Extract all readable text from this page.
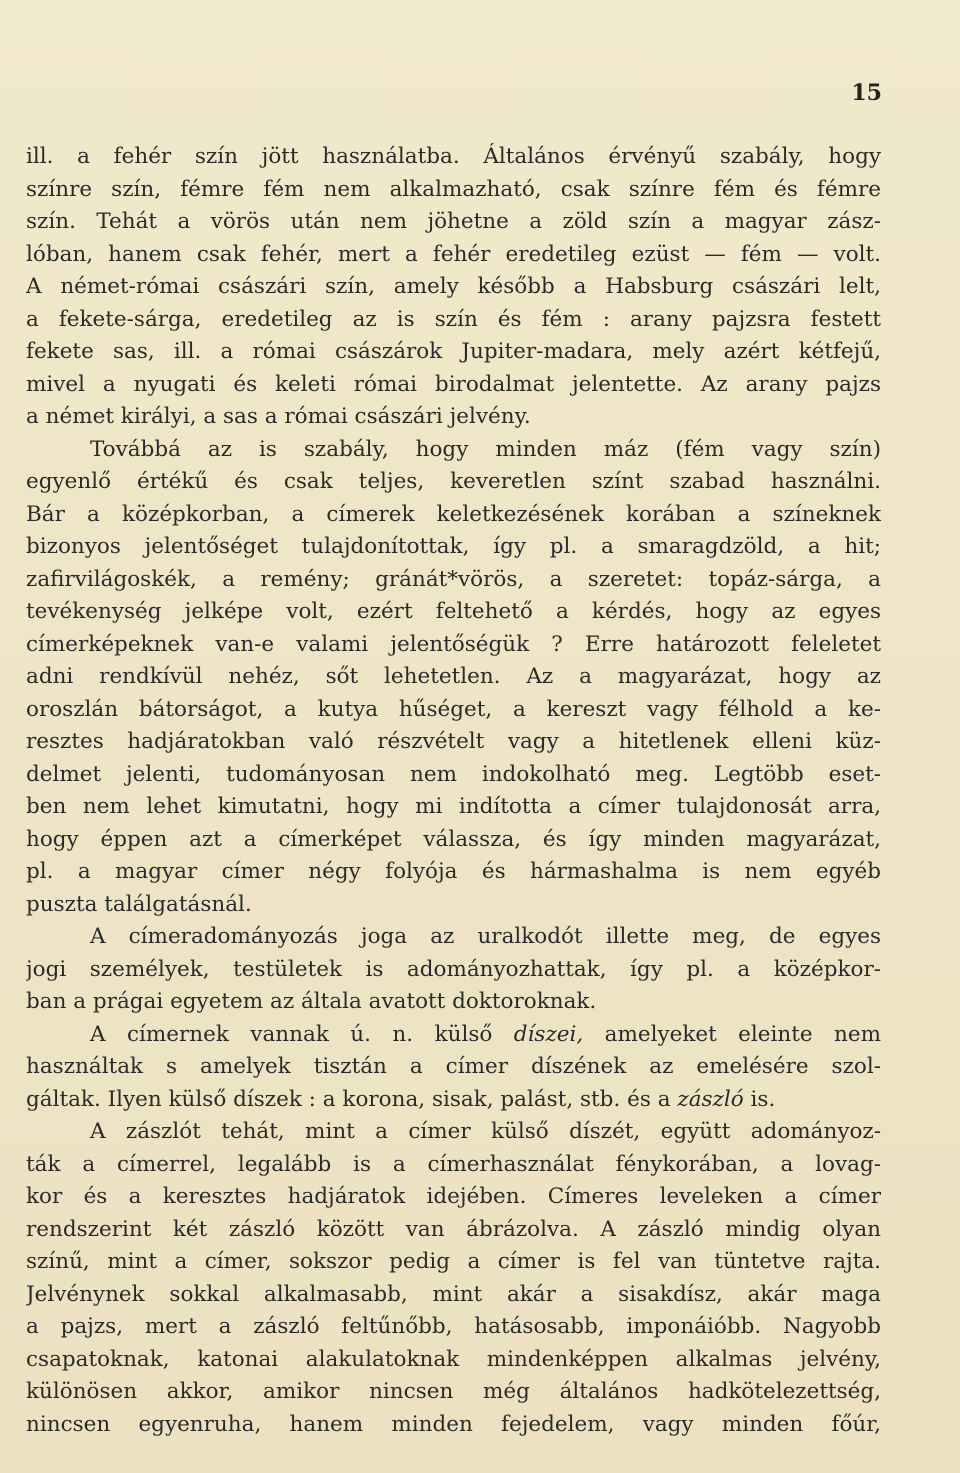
15
ill. a fehér szín jött használatba. Általános érvényű szabály, hogy
színre szín, fémre fém nem alkalmazható, csak színre fém és fémre
szín. Tehát a vörös után nem jöhetne a zöld szín a magyar zász-
lóban, hanem csak fehér, mert a fehér eredetileg ezüst — fém — volt.
A német-római császári szín, amely később a Habsburg császári lelt,
a fekete-sárga, eredetileg az is szín és fém : arany pajzsra festett
fekete sas, ill. a római császárok Jupiter-madara, mely azért kétfejű,
mivel a nyugati és keleti római birodalmat jelentette. Az arany pajzs
a német királyi, a sas a római császári jelvény.
Továbbá az is szabály, hogy minden máz (fém vagy szín)
egyenlő értékű és csak teljes, keveretlen színt szabad használni.
Bár a középkorban, a címerek keletkezésének korában a színeknek
bizonyos jelentőséget tulajdonítottak, így pl. a smaragdzöld, a hit;
zafirvilágoskék, a remény; gránát*vörös, a szeretet: topáz-sárga, a
tevékenység jelképe volt, ezért feltehető a kérdés, hogy az egyes
címerképeknek van-e valami jelentőségük ? Erre határozott feleletet
adni rendkívül nehéz, sőt lehetetlen. Az a magyarázat, hogy az
oroszlán bátorságot, a kutya hűséget, a kereszt vagy félhold a ke-
resztes hadjáratokban való részvételt vagy a hitetlenek elleni küz-
delmet jelenti, tudományosan nem indokolható meg. Legtöbb eset-
ben nem lehet kimutatni, hogy mi indította a címer tulajdonosát arra,
hogy éppen azt a címerképet válassza, és így minden magyarázat,
pl. a magyar címer négy folyója és hármashalma is nem egyéb
puszta találgatásnál.
A címeradományozás joga az uralkodót illette meg, de egyes
jogi személyek, testületek is adományozhattak, így pl. a középkor-
ban a prágai egyetem az általa avatott doktoroknak.
A címernek vannak ú. n. külső díszei, amelyeket eleinte nem
használtak s amelyek tisztán a címer díszének az emelésére szol-
gáltak. Ilyen külső díszek : a korona, sisak, palást, stb. és a zászló is.
A zászlót tehát, mint a címer külső díszét, együtt adományoz-
ták a címerrel, legalább is a címerhasználat fénykorában, a lovag-
kor és a keresztes hadjáratok idejében. Címeres leveleken a címer
rendszerint két zászló között van ábrázolva. A zászló mindig olyan
színű, mint a címer, sokszor pedig a címer is fel van tüntetve rajta.
Jelvénynek sokkal alkalmasabb, mint akár a sisakdísz, akár maga
a pajzs, mert a zászló feltűnőbb, hatásosabb, imponáióbb. Nagyobb
csapatoknak, katonai alakulatoknak mindenképpen alkalmas jelvény,
különösen akkor, amikor nincsen még általános hadkötelezettség,
nincsen egyenruha, hanem minden fejedelem, vagy minden főúr,
